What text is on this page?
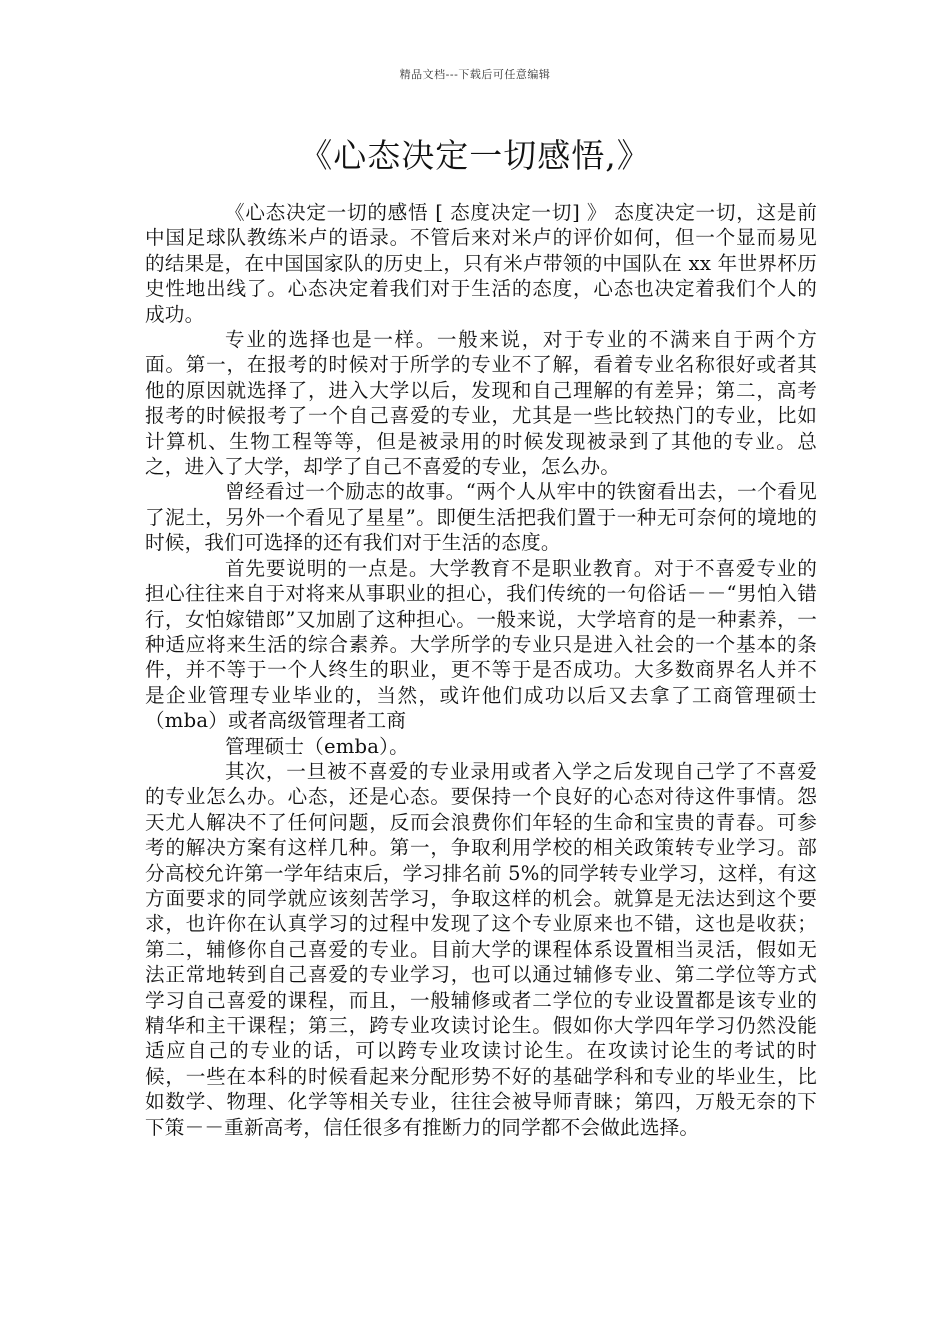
精品文档---下载后可任意编辑
《心态决定一切感悟,》

《心态决定一切的感悟 [ 态度决定一切] 》 态度决定一切，这是前中国足球队教练米卢的语录。不管后来对米卢的评价如何，但一个显而易见的结果是，在中国国家队的历史上，只有米卢带领的中国队在 xx 年世界杯历史性地出线了。心态决定着我们对于生活的态度，心态也决定着我们个人的成功。

专业的选择也是一样。一般来说，对于专业的不满来自于两个方面。第一，在报考的时候对于所学的专业不了解，看着专业名称很好或者其他的原因就选择了，进入大学以后，发现和自己理解的有差异；第二，高考报考的时候报考了一个自己喜爱的专业，尤其是一些比较热门的专业，比如计算机、生物工程等等，但是被录用的时候发现被录到了其他的专业。总之，进入了大学，却学了自己不喜爱的专业，怎么办。

曾经看过一个励志的故事。“两个人从牢中的铁窗看出去，一个看见了泥土，另外一个看见了星星”。即便生活把我们置于一种无可奈何的境地的时候，我们可选择的还有我们对于生活的态度。

首先要说明的一点是。大学教育不是职业教育。对于不喜爱专业的担心往往来自于对将来从事职业的担心，我们传统的一句俗话－－“男怕入错行，女怕嫁错郎”又加剧了这种担心。一般来说，大学培育的是一种素养，一种适应将来生活的综合素养。大学所学的专业只是进入社会的一个基本的条件，并不等于一个人终生的职业，更不等于是否成功。大多数商界名人并不是企业管理专业毕业的，当然，或许他们成功以后又去拿了工商管理硕士（mba）或者高级管理者工商

管理硕士（emba）。

其次，一旦被不喜爱的专业录用或者入学之后发现自己学了不喜爱的专业怎么办。心态，还是心态。要保持一个良好的心态对待这件事情。怨天尤人解决不了任何问题，反而会浪费你们年轻的生命和宝贵的青春。可参考的解决方案有这样几种。第一，争取利用学校的相关政策转专业学习。部分高校允许第一学年结束后，学习排名前 5%的同学转专业学习，这样，有这方面要求的同学就应该刻苦学习，争取这样的机会。就算是无法达到这个要求，也许你在认真学习的过程中发现了这个专业原来也不错，这也是收获；第二，辅修你自己喜爱的专业。目前大学的课程体系设置相当灵活，假如无法正常地转到自己喜爱的专业学习，也可以通过辅修专业、第二学位等方式学习自己喜爱的课程，而且，一般辅修或者二学位的专业设置都是该专业的精华和主干课程；第三，跨专业攻读讨论生。假如你大学四年学习仍然没能适应自己的专业的话，可以跨专业攻读讨论生。在攻读讨论生的考试的时候，一些在本科的时候看起来分配形势不好的基础学科和专业的毕业生，比如数学、物理、化学等相关专业，往往会被导师青睐；第四，万般无奈的下下策－－重新高考，信任很多有推断力的同学都不会做此选择。
